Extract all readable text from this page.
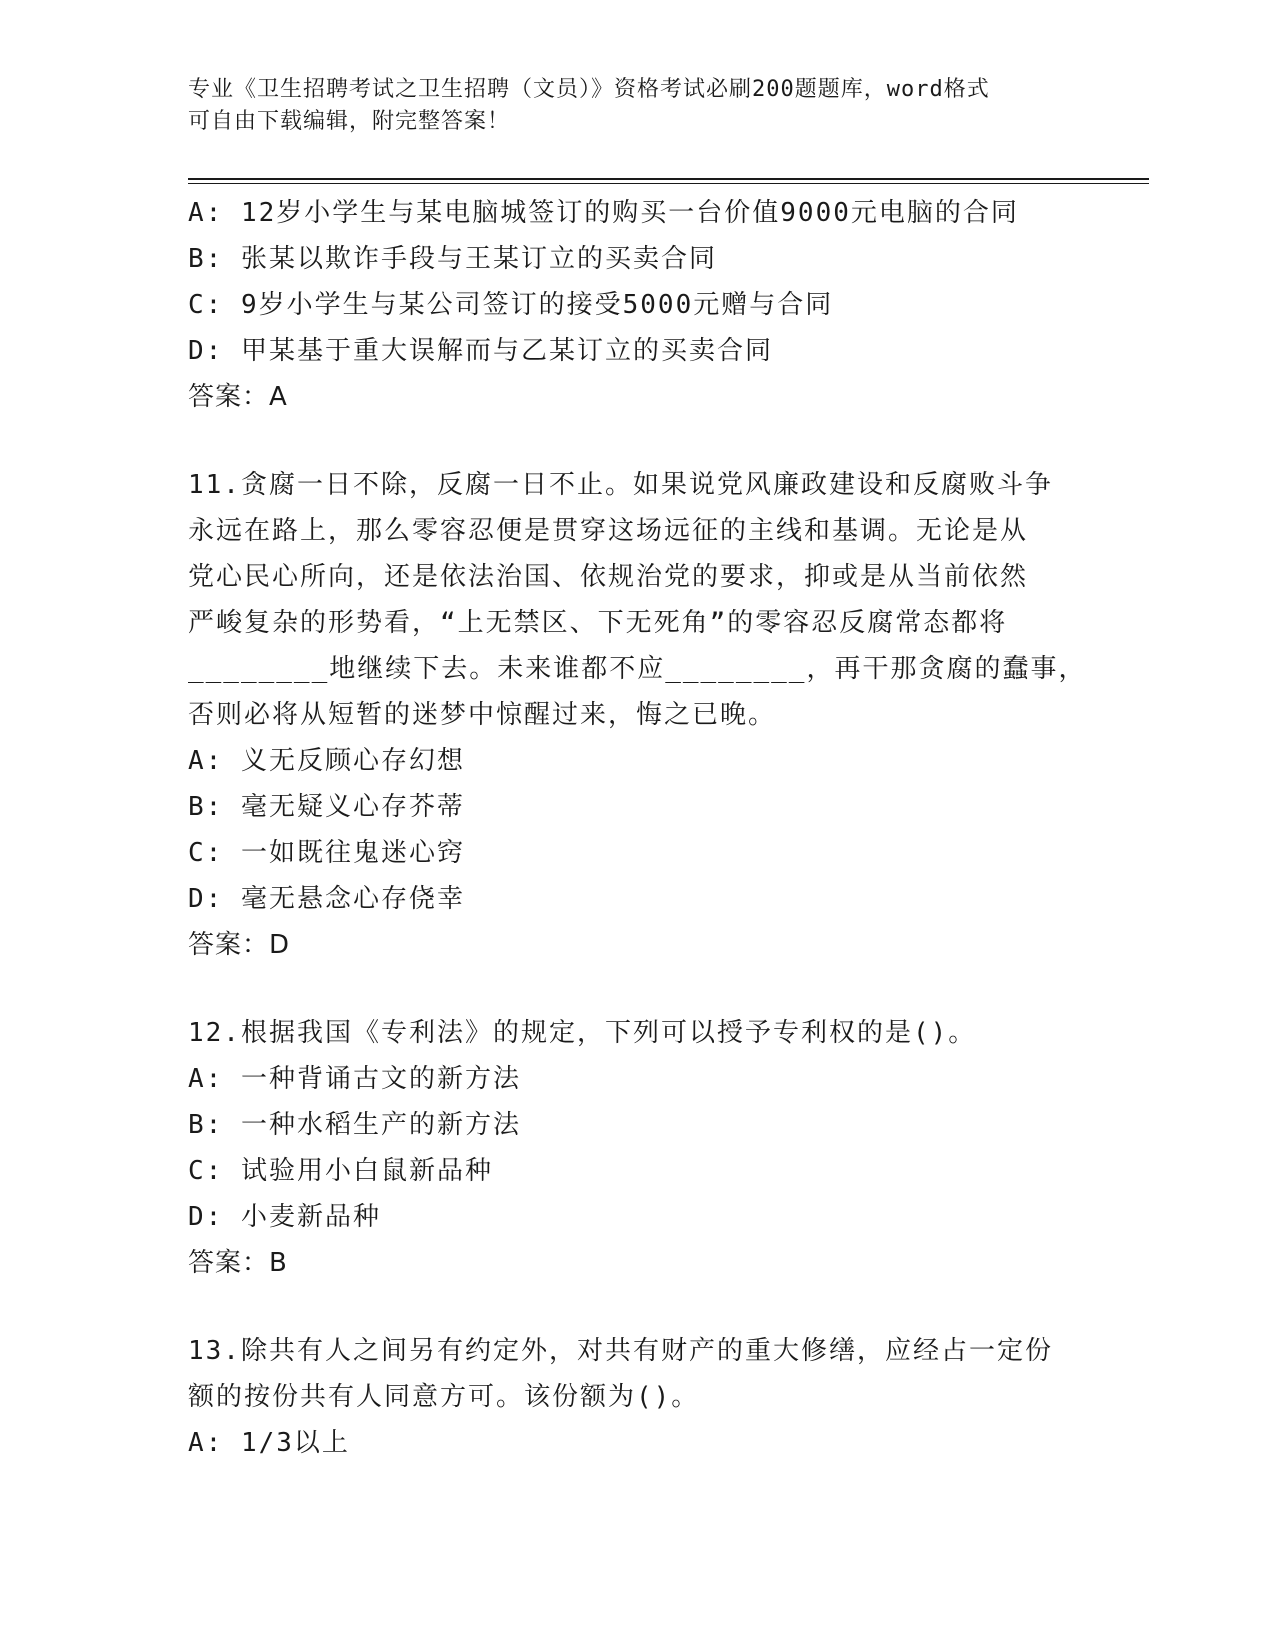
专业《卫生招聘考试之卫生招聘（文员）》资格考试必刷200题题库，word格式
可自由下载编辑，附完整答案！
A: 12岁小学生与某电脑城签订的购买一台价值9000元电脑的合同
B: 张某以欺诈手段与王某订立的买卖合同
C: 9岁小学生与某公司签订的接受5000元赠与合同
D: 甲某基于重大误解而与乙某订立的买卖合同
答案：A
11.贪腐一日不除，反腐一日不止。如果说党风廉政建设和反腐败斗争
永远在路上，那么零容忍便是贯穿这场远征的主线和基调。无论是从
党心民心所向，还是依法治国、依规治党的要求，抑或是从当前依然
严峻复杂的形势看，“上无禁区、下无死角”的零容忍反腐常态都将
________地继续下去。未来谁都不应________，再干那贪腐的蠢事，
否则必将从短暂的迷梦中惊醒过来，悔之已晚。
A: 义无反顾心存幻想
B: 毫无疑义心存芥蒂
C: 一如既往鬼迷心窍
D: 毫无悬念心存侥幸
答案：D
12.根据我国《专利法》的规定，下列可以授予专利权的是()。
A: 一种背诵古文的新方法
B: 一种水稻生产的新方法
C: 试验用小白鼠新品种
D: 小麦新品种
答案：B
13.除共有人之间另有约定外，对共有财产的重大修缮，应经占一定份
额的按份共有人同意方可。该份额为()。
A: 1/3以上
